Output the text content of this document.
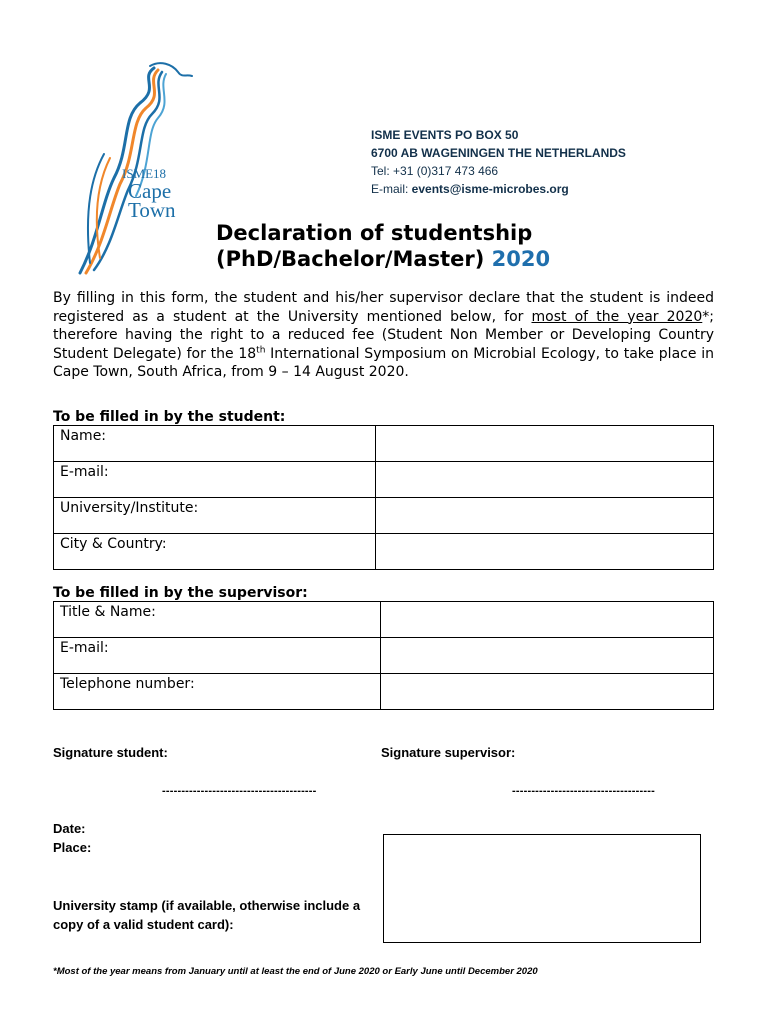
ISME18
Cape
Town
ISME EVENTS PO BOX 50
6700 AB WAGENINGEN THE NETHERLANDS
Tel: +31 (0)317 473 466
E-mail: events@isme-microbes.org
Declaration of studentship
(PhD/Bachelor/Master) 2020
By filling in this form, the student and his/her supervisor declare that the student is indeed registered as a student at the University mentioned below, for most of the year 2020*; therefore having the right to a reduced fee (Student Non Member or Developing Country Student Delegate) for the 18th International Symposium on Microbial Ecology, to take place in Cape Town, South Africa, from 9 – 14 August 2020.
To be filled in by the student:
Name:	
E-mail:	
University/Institute:	
City & Country:	
To be filled in by the supervisor:
Title & Name:	
E-mail:	
Telephone number:	
Signature student:	Signature supervisor:
----------------------------------------	-------------------------------------
Date:
Place:
University stamp (if available, otherwise include a
copy of a valid student card):
*Most of the year means from January until at least the end of June 2020 or Early June until December 2020
